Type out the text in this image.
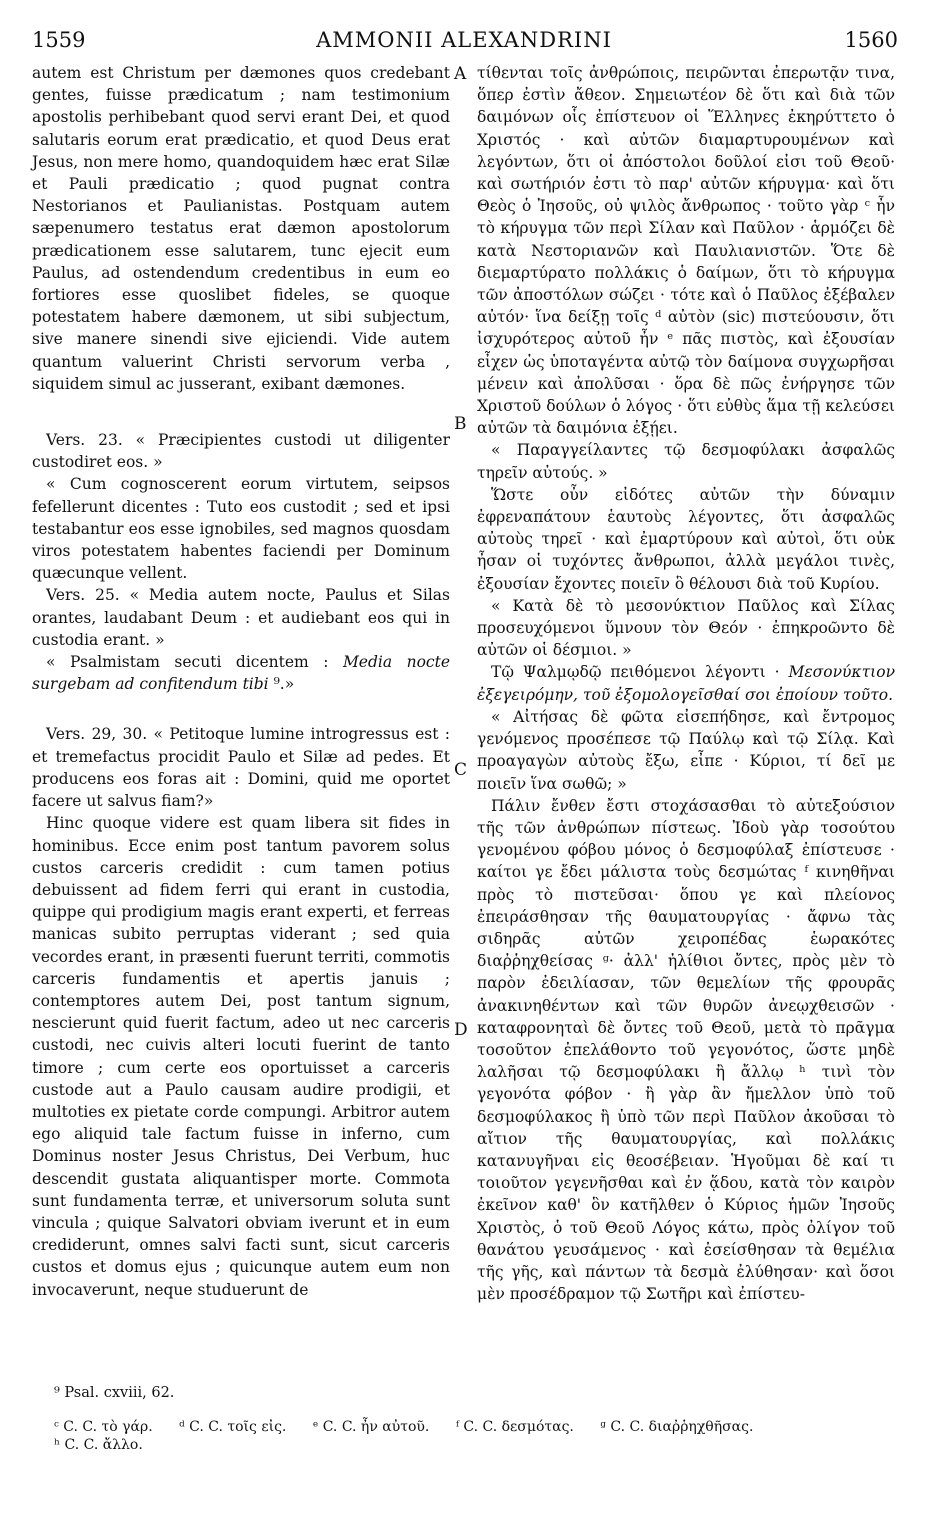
1559	AMMONII ALEXANDRINI	1560

autem est Christum per dæmones quos credebant gentes, fuisse prædicatum ; nam testimonium apostolis perhibebant quod servi erant Dei, et quod salutaris eorum erat prædicatio, et quod Deus erat Jesus, non mere homo, quandoquidem hæc erat Silæ et Pauli prædicatio ; quod pugnat contra Nestorianos et Paulianistas. Postquam autem sæpenumero testatus erat dæmon apostolorum prædicationem esse salutarem, tunc ejecit eum Paulus, ad ostendendum credentibus in eum eo fortiores esse quoslibet fideles, se quoque potestatem habere dæmonem, ut sibi subjectum, sive manere sinendi sive ejiciendi. Vide autem quantum valuerint Christi servorum verba , siquidem simul ac jusserant, exibant dæmones.

Vers. 23. « Præcipientes custodi ut diligenter custodiret eos. »

« Cum cognoscerent eorum virtutem, seipsos fefellerunt dicentes : Tuto eos custodit ; sed et ipsi testabantur eos esse ignobiles, sed magnos quosdam viros potestatem habentes faciendi per Dominum quæcunque vellent.

Vers. 25. « Media autem nocte, Paulus et Silas orantes, laudabant Deum : et audiebant eos qui in custodia erant. »

« Psalmistam secuti dicentem : Media nocte surgebam ad confitendum tibi ⁹.»

Vers. 29, 30. « Petitoque lumine introgressus est : et tremefactus procidit Paulo et Silæ ad pedes. Et producens eos foras ait : Domini, quid me oportet facere ut salvus fiam?»

Hinc quoque videre est quam libera sit fides in hominibus. Ecce enim post tantum pavorem solus custos carceris credidit : cum tamen potius debuissent ad fidem ferri qui erant in custodia, quippe qui prodigium magis erant experti, et ferreas manicas subito perruptas viderant ; sed quia vecordes erant, in præsenti fuerunt territi, commotis carceris fundamentis et apertis januis ; contemptores autem Dei, post tantum signum, nescierunt quid fuerit factum, adeo ut nec carceris custodi, nec cuivis alteri locuti fuerint de tanto timore ; cum certe eos oportuisset a carceris custode aut a Paulo causam audire prodigii, et multoties ex pietate corde compungi. Arbitror autem ego aliquid tale factum fuisse in inferno, cum Dominus noster Jesus Christus, Dei Verbum, huc descendit gustata aliquantisper morte. Commota sunt fundamenta terræ, et universorum soluta sunt vincula ; quique Salvatori obviam iverunt et in eum crediderunt, omnes salvi facti sunt, sicut carceris custos et domus ejus ; quicunque autem eum non invocaverunt, neque studuerunt de

A
B
C
D

τίθενται τοῖς ἀνθρώποις, πειρῶνται ἐπερωτᾷν τινα, ὅπερ ἐστὶν ἄθεον. Σημειωτέον δὲ ὅτι καὶ διὰ τῶν δαιμόνων οἷς ἐπίστευον οἱ Ἕλληνες ἐκηρύττετο ὁ Χριστός · καὶ αὐτῶν διαμαρτυρουμένων καὶ λεγόντων, ὅτι οἱ ἀπόστολοι δοῦλοί εἰσι τοῦ Θεοῦ· καὶ σωτήριόν ἐστι τὸ παρ' αὐτῶν κήρυγμα· καὶ ὅτι Θεὸς ὁ Ἰησοῦς, οὐ ψιλὸς ἄνθρωπος · τοῦτο γὰρ ᶜ ἦν τὸ κήρυγμα τῶν περὶ Σίλαν καὶ Παῦλον · ἁρμόζει δὲ κατὰ Νεστοριανῶν καὶ Παυλιανιστῶν. Ὅτε δὲ διεμαρτύρατο πολλάκις ὁ δαίμων, ὅτι τὸ κήρυγμα τῶν ἀποστόλων σώζει · τότε καὶ ὁ Παῦλος ἐξέβαλεν αὐτόν· ἵνα δείξῃ τοῖς ᵈ αὐτὸν (sic) πιστεύουσιν, ὅτι ἰσχυρότερος αὐτοῦ ἦν ᵉ πᾶς πιστὸς, καὶ ἐξουσίαν εἶχεν ὡς ὑποταγέντα αὐτῷ τὸν δαίμονα συγχωρῆσαι μένειν καὶ ἀπολῦσαι · ὅρα δὲ πῶς ἐνήργησε τῶν Χριστοῦ δούλων ὁ λόγος · ὅτι εὐθὺς ἅμα τῇ κελεύσει αὐτῶν τὰ δαιμόνια ἐξῄει.

« Παραγγείλαντες τῷ δεσμοφύλακι ἀσφαλῶς τηρεῖν αὐτούς. »

Ὥστε οὖν εἰδότες αὐτῶν τὴν δύναμιν ἐφρεναπάτουν ἑαυτοὺς λέγοντες, ὅτι ἀσφαλῶς αὐτοὺς τηρεῖ · καὶ ἐμαρτύρουν καὶ αὐτοὶ, ὅτι οὐκ ἦσαν οἱ τυχόντες ἄνθρωποι, ἀλλὰ μεγάλοι τινὲς, ἐξουσίαν ἔχοντες ποιεῖν ὃ θέλουσι διὰ τοῦ Κυρίου.

« Κατὰ δὲ τὸ μεσονύκτιον Παῦλος καὶ Σίλας προσευχόμενοι ὕμνουν τὸν Θεόν · ἐπηκροῶντο δὲ αὐτῶν οἱ δέσμιοι. »

Τῷ Ψαλμῳδῷ πειθόμενοι λέγοντι · Μεσονύκτιον ἐξεγειρόμην, τοῦ ἐξομολογεῖσθαί σοι ἐποίουν τοῦτο.

« Αἰτήσας δὲ φῶτα εἰσεπήδησε, καὶ ἔντρομος γενόμενος προσέπεσε τῷ Παύλῳ καὶ τῷ Σίλᾳ. Καὶ προαγαγὼν αὐτοὺς ἔξω, εἶπε · Κύριοι, τί δεῖ με ποιεῖν ἵνα σωθῶ; »

Πάλιν ἔνθεν ἔστι στοχάσασθαι τὸ αὐτεξούσιον τῆς τῶν ἀνθρώπων πίστεως. Ἰδοὺ γὰρ τοσούτου γενομένου φόβου μόνος ὁ δεσμοφύλαξ ἐπίστευσε · καίτοι γε ἔδει μάλιστα τοὺς δεσμώτας ᶠ κινηθῆναι πρὸς τὸ πιστεῦσαι· ὅπου γε καὶ πλείονος ἐπειράσθησαν τῆς θαυματουργίας · ἄφνω τὰς σιδηρᾶς αὐτῶν χειροπέδας ἑωρακότες διαῤῥηχθείσας ᵍ· ἀλλ' ἠλίθιοι ὄντες, πρὸς μὲν τὸ παρὸν ἐδειλίασαν, τῶν θεμελίων τῆς φρουρᾶς ἀνακινηθέντων καὶ τῶν θυρῶν ἀνεῳχθεισῶν · καταφρονηταὶ δὲ ὄντες τοῦ Θεοῦ, μετὰ τὸ πρᾶγμα τοσοῦτον ἐπελάθοντο τοῦ γεγονότος, ὥστε μηδὲ λαλῆσαι τῷ δεσμοφύλακι ἢ ἄλλῳ ʰ τινὶ τὸν γεγονότα φόβον · ἢ γὰρ ἂν ἤμελλον ὑπὸ τοῦ δεσμοφύλακος ἢ ὑπὸ τῶν περὶ Παῦλον ἀκοῦσαι τὸ αἴτιον τῆς θαυματουργίας, καὶ πολλάκις κατανυγῆναι εἰς θεοσέβειαν. Ἡγοῦμαι δὲ καί τι τοιοῦτον γεγενῆσθαι καὶ ἐν ᾅδου, κατὰ τὸν καιρὸν ἐκεῖνον καθ' ὃν κατῆλθεν ὁ Κύριος ἡμῶν Ἰησοῦς Χριστὸς, ὁ τοῦ Θεοῦ Λόγος κάτω, πρὸς ὀλίγον τοῦ θανάτου γευσάμενος · καὶ ἐσείσθησαν τὰ θεμέλια τῆς γῆς, καὶ πάντων τὰ δεσμὰ ἐλύθησαν· καὶ ὅσοι μὲν προσέδραμον τῷ Σωτῆρι καὶ ἐπίστευ-

⁹ Psal. cxviii, 62.
ᶜ C. C. τὸ γάρ. ᵈ C. C. τοῖς εἰς. ᵉ C. C. ἦν αὐτοῦ. ᶠ C. C. δεσμότας. ᵍ C. C. διαῤῥηχθῆσας.
ʰ C. C. ἄλλο.
